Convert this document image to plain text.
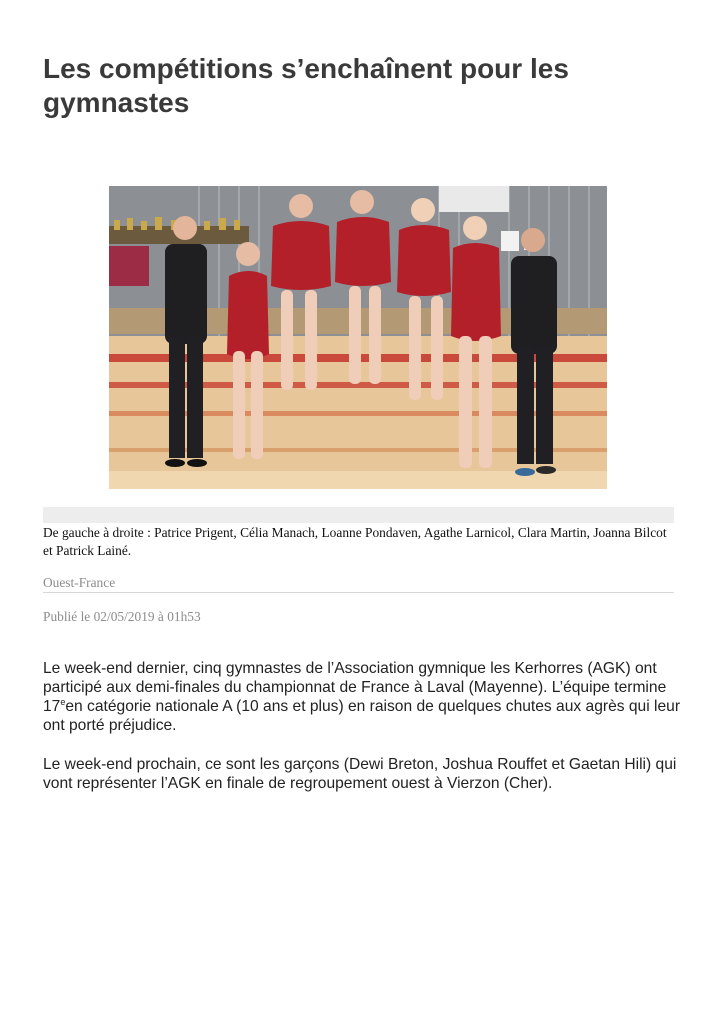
Les compétitions s’enchaînent pour les gymnastes

De gauche à droite : Patrice Prigent, Célia Manach, Loanne Pondaven, Agathe Larnicol, Clara Martin, Joanna Bilcot et Patrick Lainé.

Ouest-France
Publié le 02/05/2019 à 01h53

Le week-end dernier, cinq gymnastes de l’Association gymnique les Kerhorres (AGK) ont participé aux demi-finales du championnat de France à Laval (Mayenne). L’équipe termine 17een catégorie nationale A (10 ans et plus) en raison de quelques chutes aux agrès qui leur ont porté préjudice.

Le week-end prochain, ce sont les garçons (Dewi Breton, Joshua Rouffet et Gaetan Hili) qui vont représenter l’AGK en finale de regroupement ouest à Vierzon (Cher).
